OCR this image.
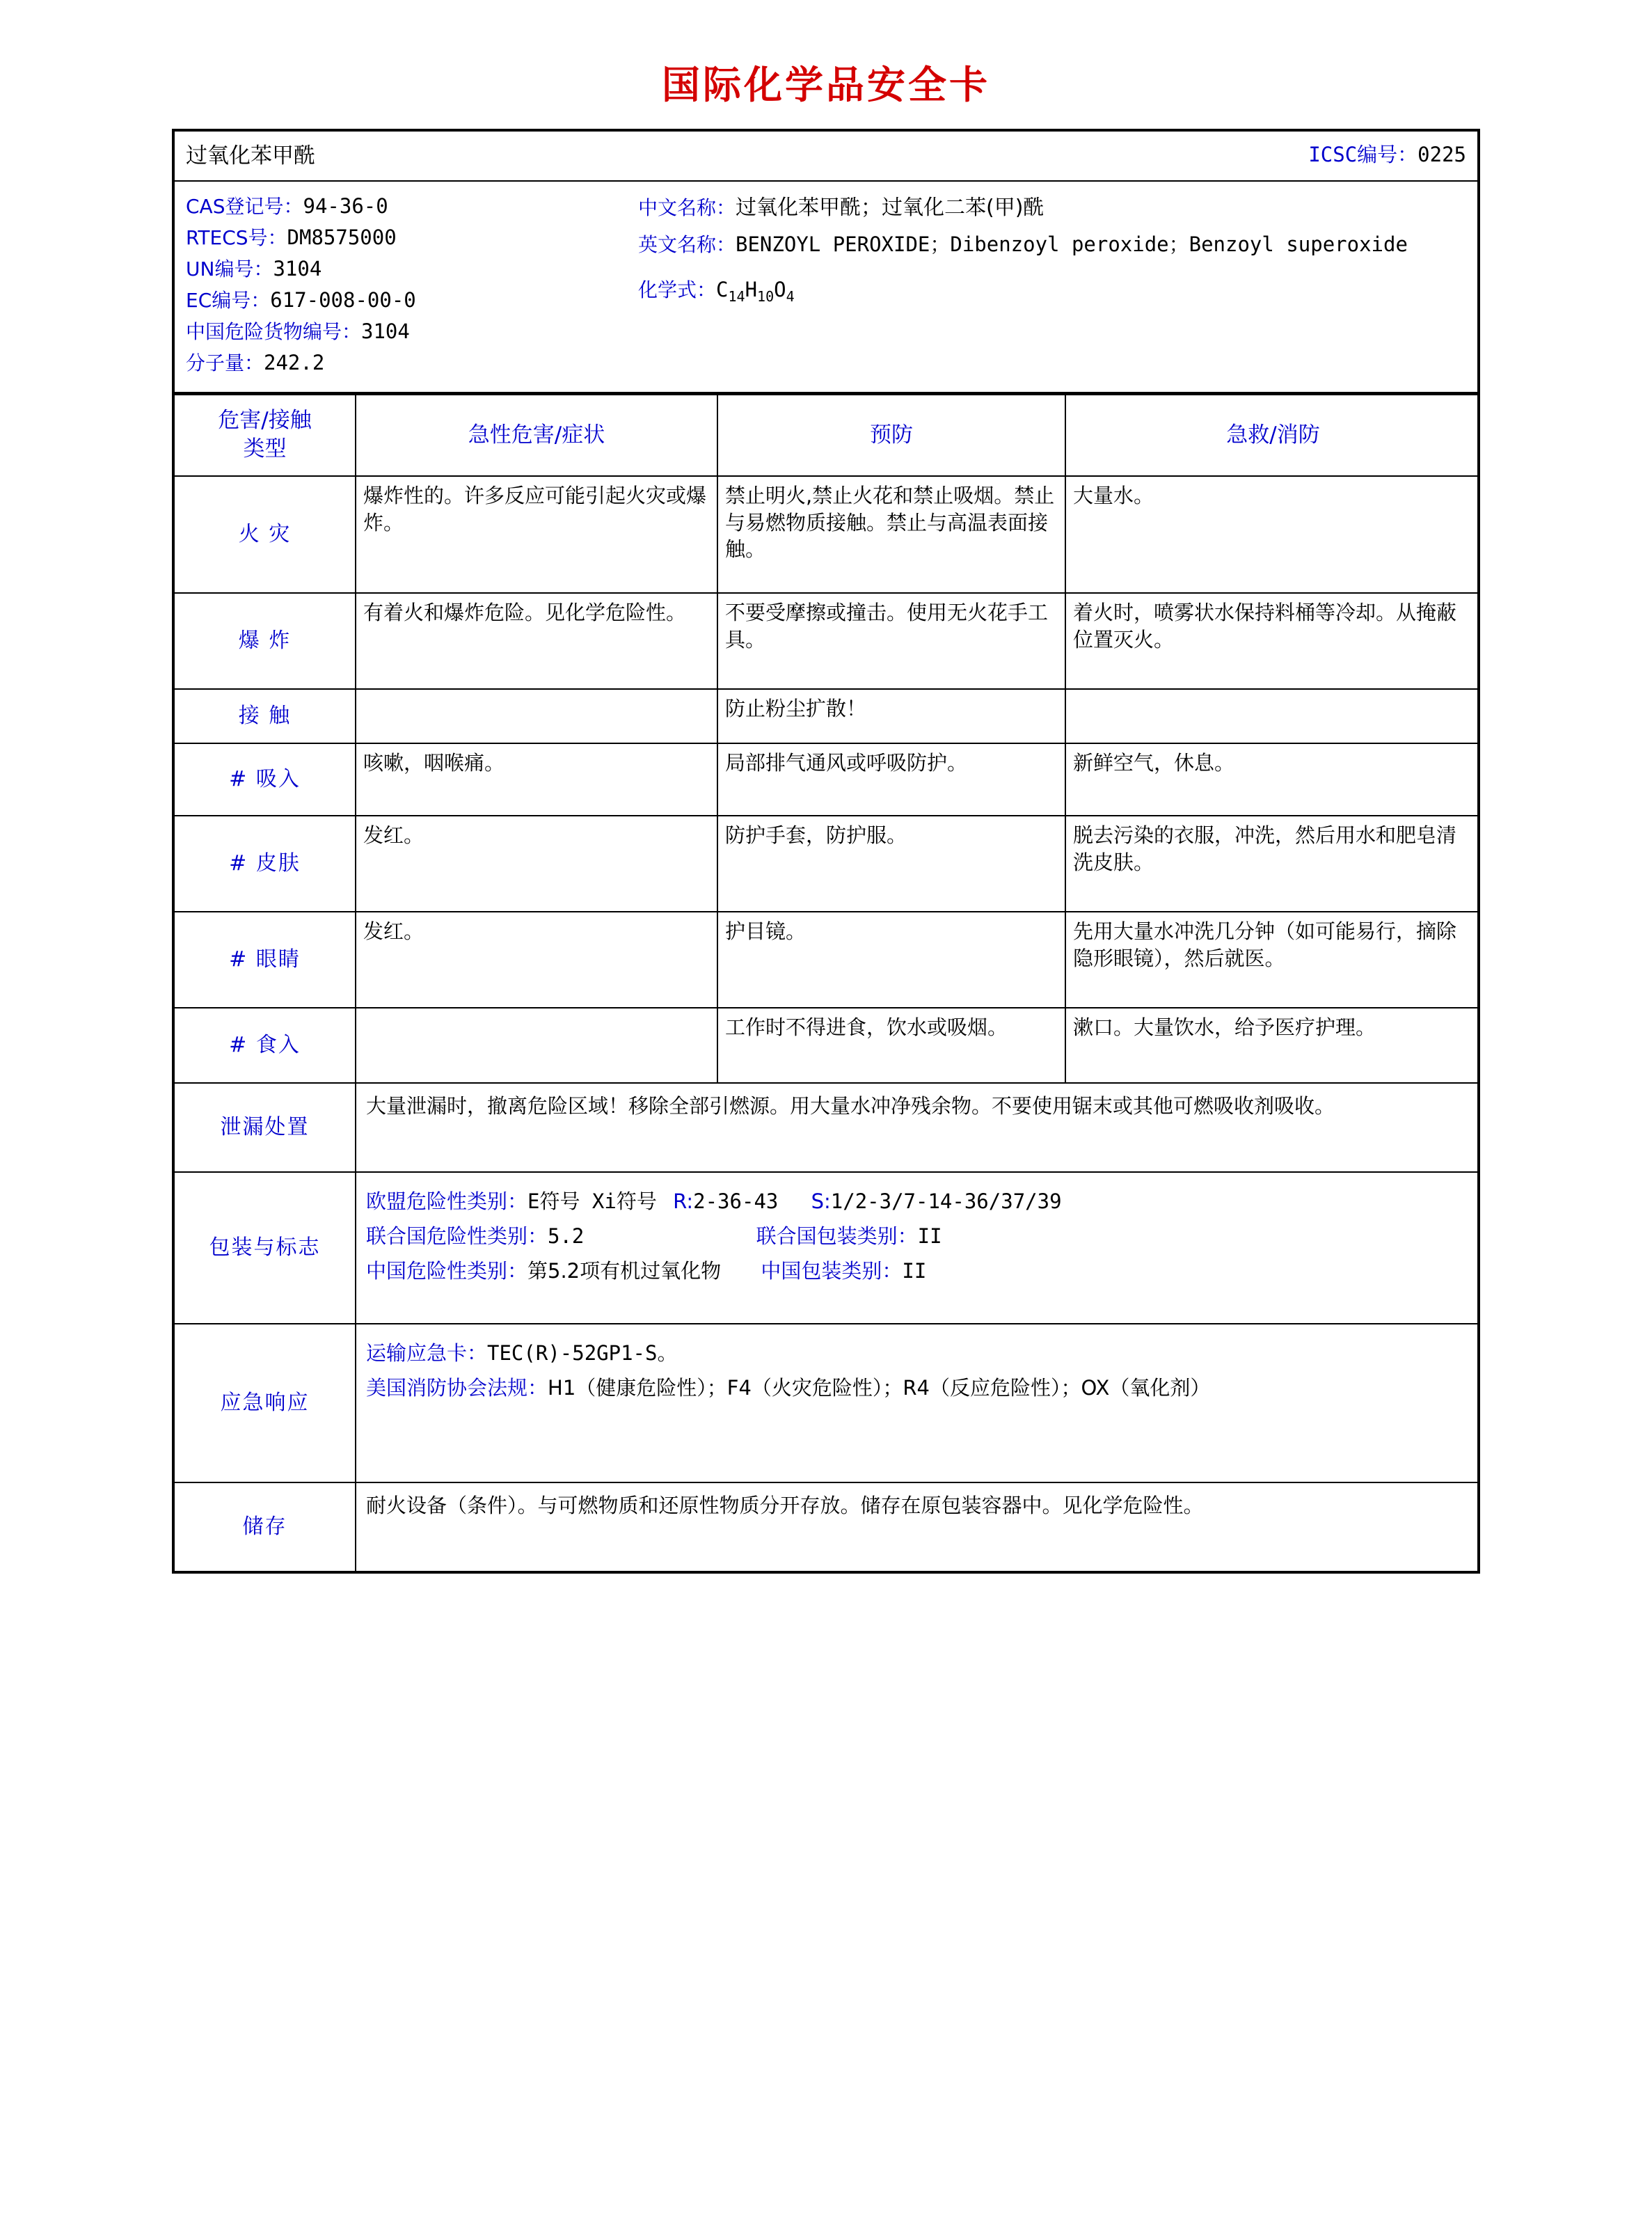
国际化学品安全卡
过氧化苯甲酰	ICSC编号：0225
CAS登记号：94-36-0
RTECS号：DM8575000
UN编号：3104
EC编号：617-008-00-0
中国危险货物编号：3104
分子量：242.2
中文名称：过氧化苯甲酰；过氧化二苯(甲)酰
英文名称：BENZOYL PEROXIDE；Dibenzoyl peroxide；Benzoyl superoxide
化学式：$C_{14}H_{10}O_4$
危害/接触
类型	急性危害/症状	预防	急救/消防
火 灾	爆炸性的。许多反应可能引起火灾或爆炸。	禁止明火,禁止火花和禁止吸烟。禁止与易燃物质接触。禁止与高温表面接触。	大量水。
爆 炸	有着火和爆炸危险。见化学危险性。	不要受摩擦或撞击。使用无火花手工具。	着火时，喷雾状水保持料桶等冷却。从掩蔽位置灭火。
接 触		防止粉尘扩散！	
# 吸入	咳嗽，咽喉痛。	局部排气通风或呼吸防护。	新鲜空气，休息。
# 皮肤	发红。	防护手套，防护服。	脱去污染的衣服，冲洗，然后用水和肥皂清洗皮肤。
# 眼睛	发红。	护目镜。	先用大量水冲洗几分钟（如可能易行，摘除隐形眼镜），然后就医。
# 食入		工作时不得进食，饮水或吸烟。	漱口。大量饮水，给予医疗护理。
泄漏处置	大量泄漏时，撤离危险区域！移除全部引燃源。用大量水冲净残余物。不要使用锯末或其他可燃吸收剂吸收。		
包装与标志	欧盟危险性类别：E符号 Xi符号 R:2-36-43 S:1/2-3/7-14-36/37/39
联合国危险性类别：5.2 联合国包装类别：II
中国危险性类别：第5.2项有机过氧化物 中国包装类别：II		

应急响应	运输应急卡：TEC(R)-52GP1-S。
美国消防协会法规：H1（健康危险性）；F4（火灾危险性）；R4（反应危险性）；OX（氧化剂）		

储存	耐火设备（条件）。与可燃物质和还原性物质分开存放。储存在原包装容器中。见化学危险性。		
